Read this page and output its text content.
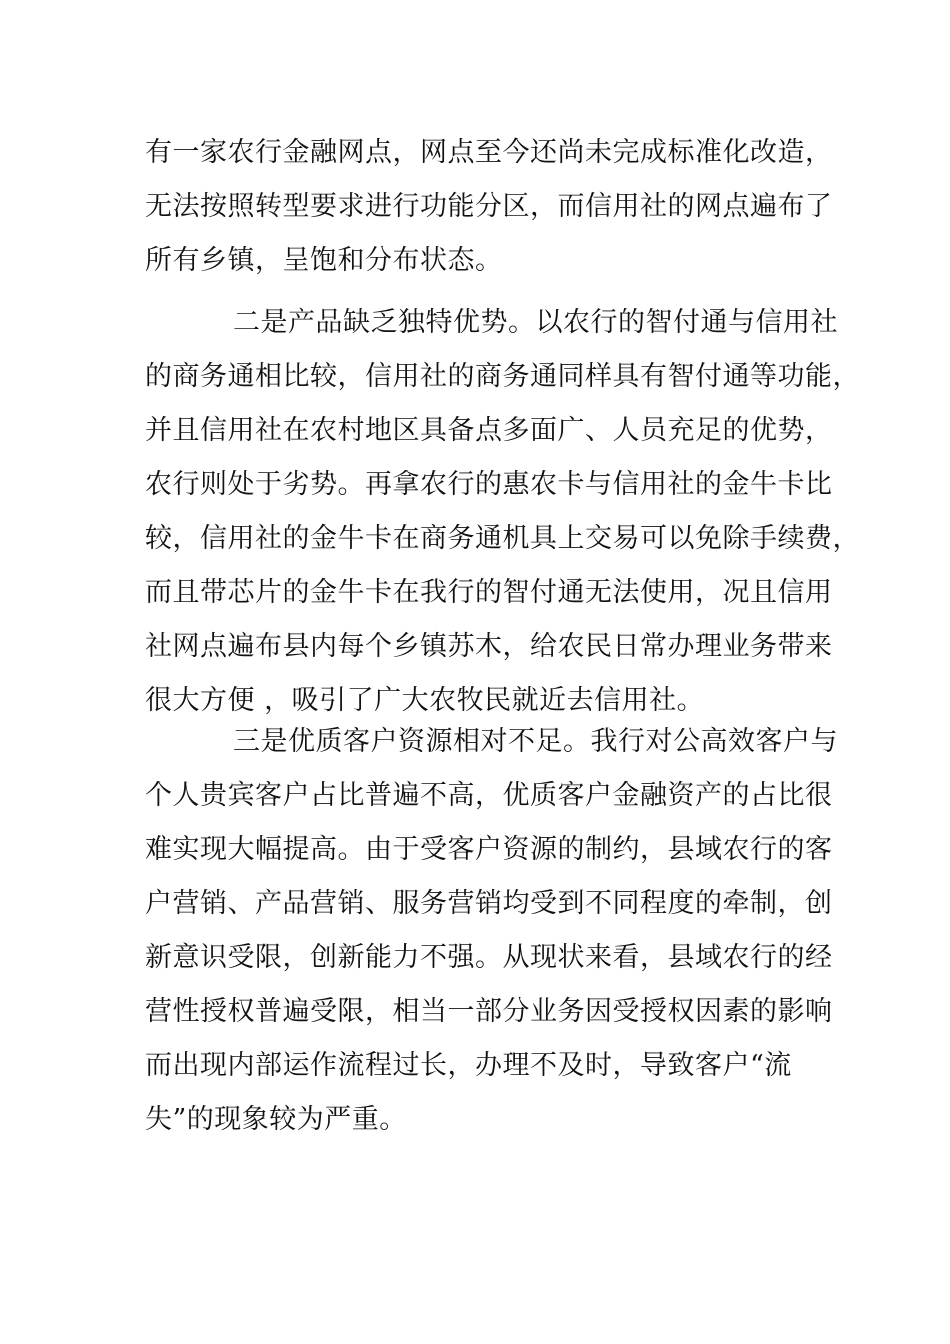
有一家农行金融网点，网点至今还尚未完成标准化改造，
无法按照转型要求进行功能分区，而信用社的网点遍布了
所有乡镇，呈饱和分布状态。
二是产品缺乏独特优势。以农行的智付通与信用社
的商务通相比较，信用社的商务通同样具有智付通等功能，
并且信用社在农村地区具备点多面广、人员充足的优势，
农行则处于劣势。再拿农行的惠农卡与信用社的金牛卡比
较，信用社的金牛卡在商务通机具上交易可以免除手续费，
而且带芯片的金牛卡在我行的智付通无法使用，况且信用
社网点遍布县内每个乡镇苏木，给农民日常办理业务带来
很大方便 ，吸引了广大农牧民就近去信用社。
三是优质客户资源相对不足。我行对公高效客户与
个人贵宾客户占比普遍不高，优质客户金融资产的占比很
难实现大幅提高。由于受客户资源的制约，县域农行的客
户营销、产品营销、服务营销均受到不同程度的牵制，创
新意识受限，创新能力不强。从现状来看，县域农行的经
营性授权普遍受限，相当一部分业务因受授权因素的影响
而出现内部运作流程过长，办理不及时，导致客户“流
失”的现象较为严重。
